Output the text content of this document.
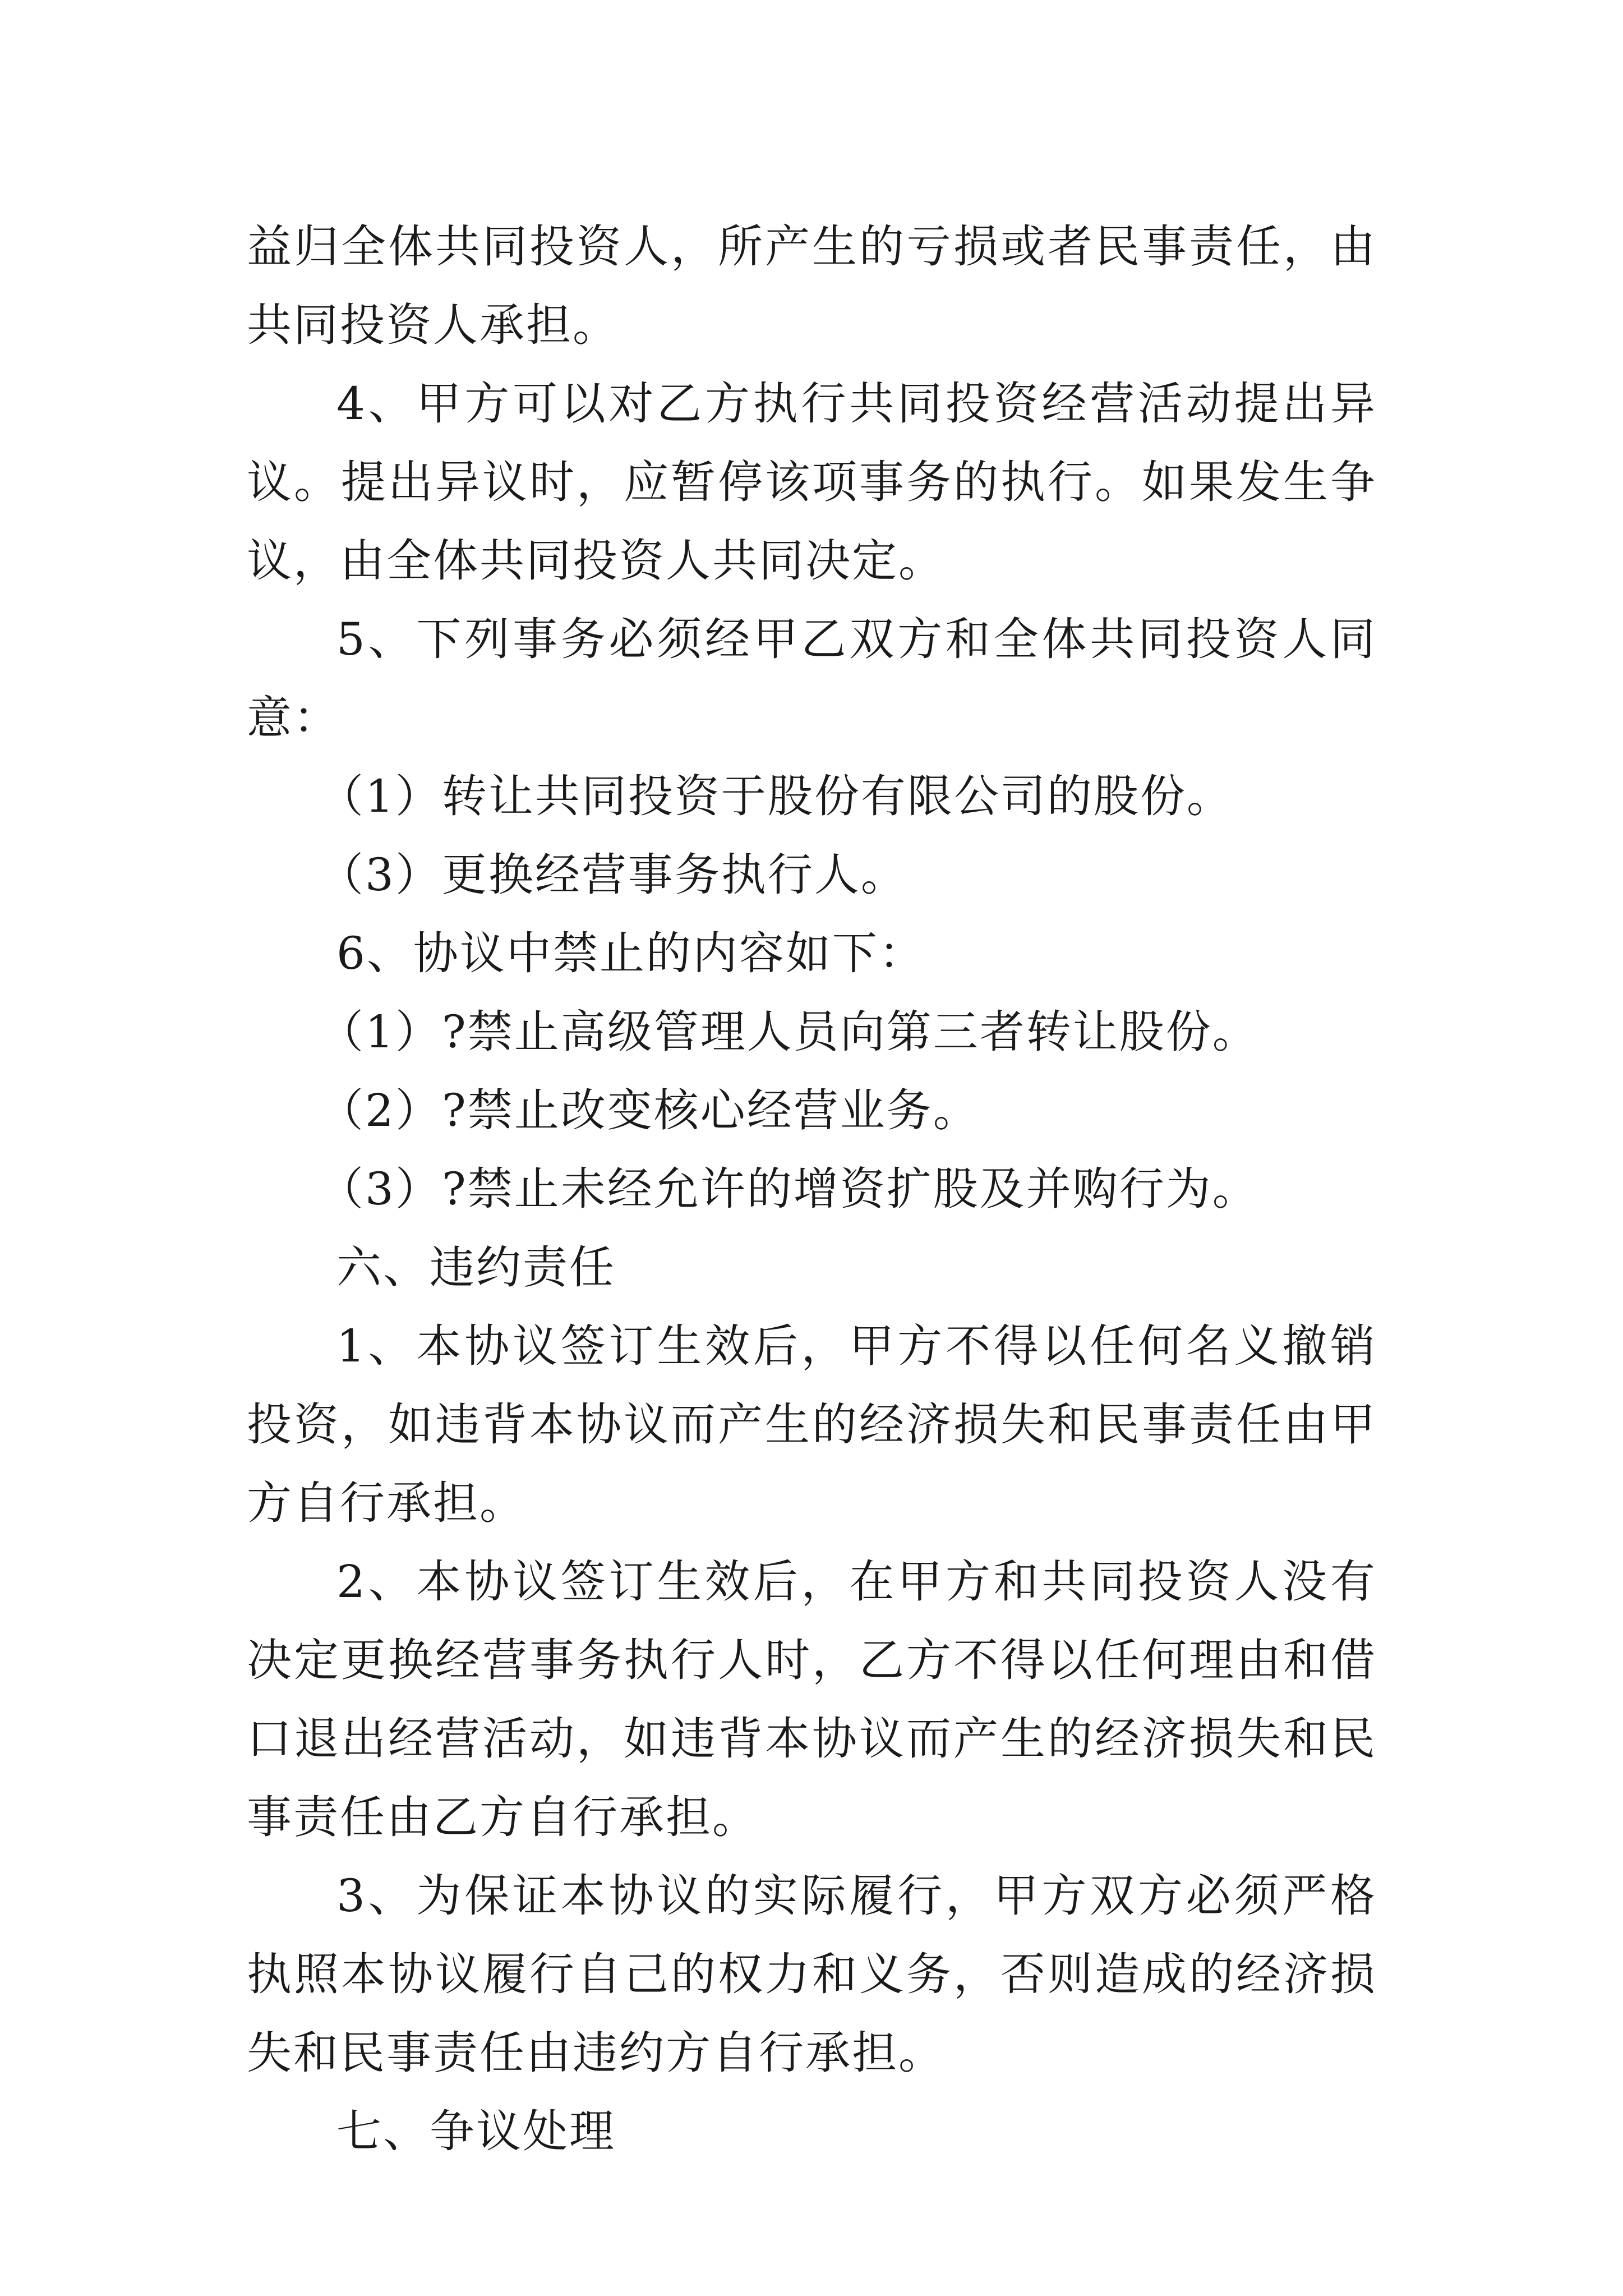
益归全体共同投资人，所产生的亏损或者民事责任，由共同投资人承担。

4、甲方可以对乙方执行共同投资经营活动提出异议。提出异议时，应暂停该项事务的执行。如果发生争议，由全体共同投资人共同决定。

5、下列事务必须经甲乙双方和全体共同投资人同意：

（1）转让共同投资于股份有限公司的股份。

（3）更换经营事务执行人。

6、协议中禁止的内容如下：

（1）?禁止高级管理人员向第三者转让股份。

（2）?禁止改变核心经营业务。

（3）?禁止未经允许的增资扩股及并购行为。

六、违约责任

1、本协议签订生效后，甲方不得以任何名义撤销投资，如违背本协议而产生的经济损失和民事责任由甲方自行承担。

2、本协议签订生效后，在甲方和共同投资人没有决定更换经营事务执行人时，乙方不得以任何理由和借口退出经营活动，如违背本协议而产生的经济损失和民事责任由乙方自行承担。

3、为保证本协议的实际履行，甲方双方必须严格执照本协议履行自己的权力和义务，否则造成的经济损失和民事责任由违约方自行承担。

七、争议处理
